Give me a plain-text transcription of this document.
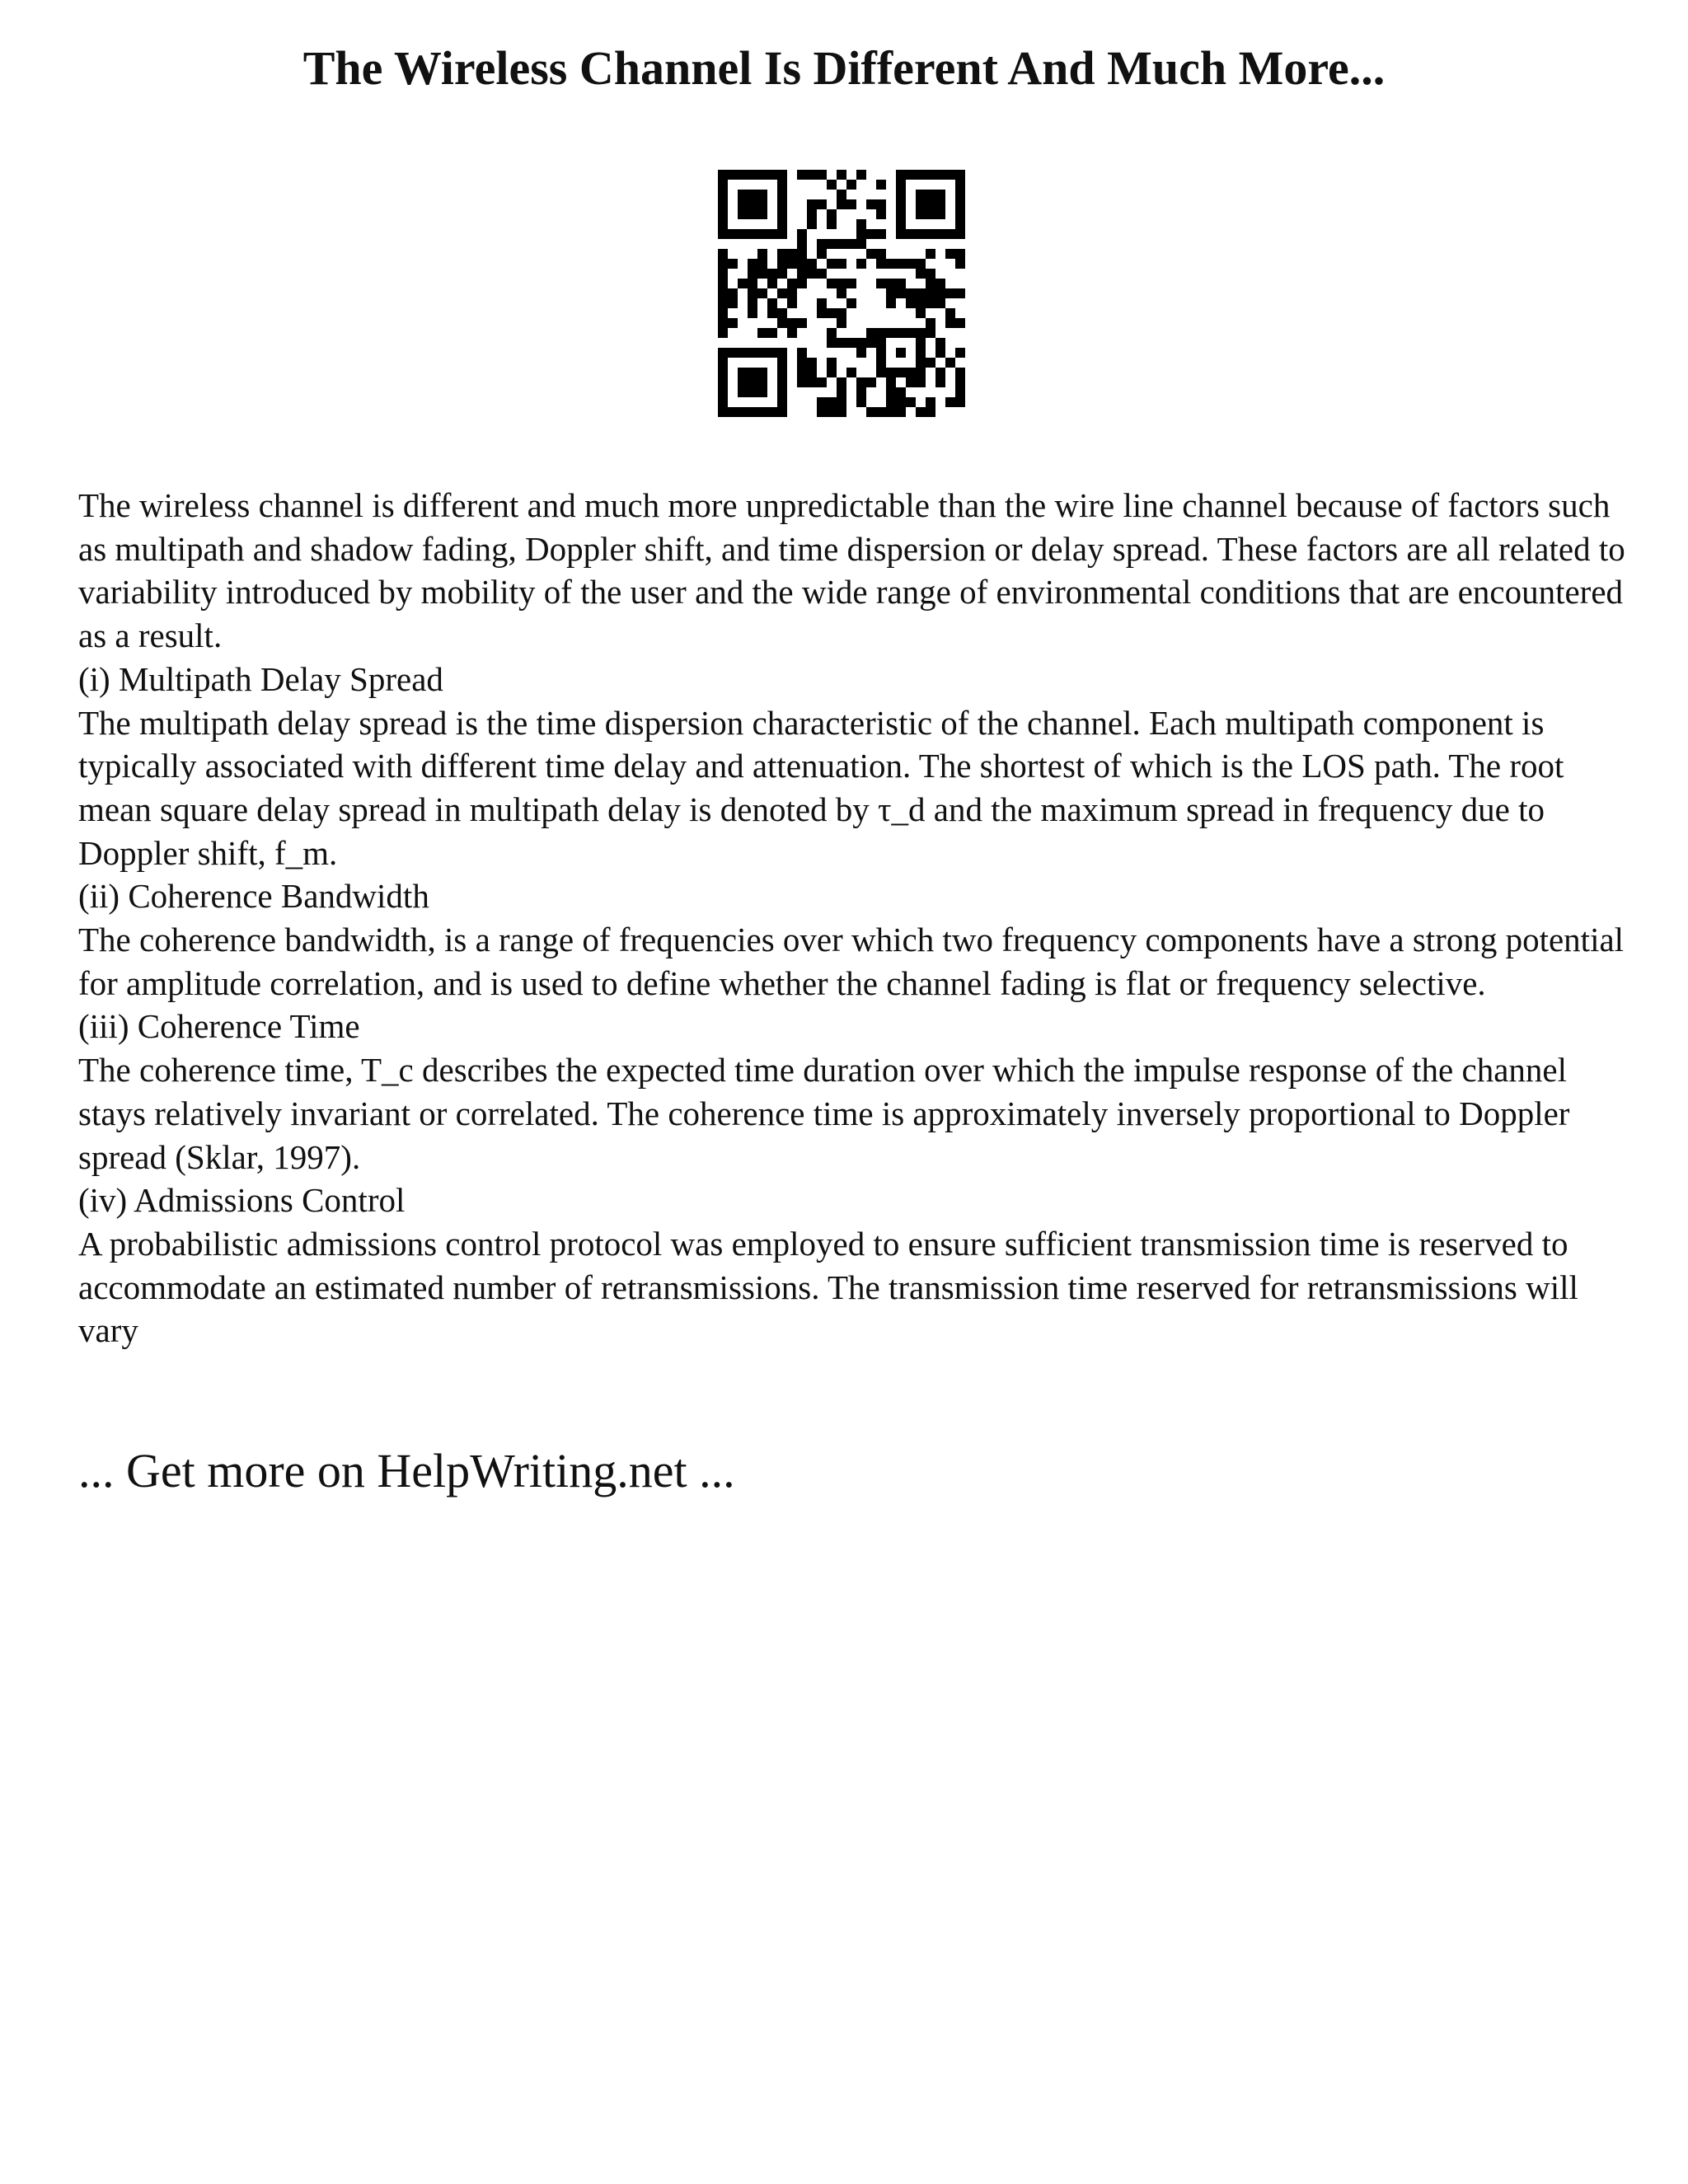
The Wireless Channel Is Different And Much More...

The wireless channel is different and much more unpredictable than the wire line channel because of factors such as multipath and shadow fading, Doppler shift, and time dispersion or delay spread. These factors are all related to variability introduced by mobility of the user and the wide range of environmental conditions that are encountered as a result.

(i) Multipath Delay Spread

The multipath delay spread is the time dispersion characteristic of the channel. Each multipath component is typically associated with different time delay and attenuation. The shortest of which is the LOS path. The root mean square delay spread in multipath delay is denoted by τ_d and the maximum spread in frequency due to Doppler shift, f_m.

(ii) Coherence Bandwidth

The coherence bandwidth, is a range of frequencies over which two frequency components have a strong potential for amplitude correlation, and is used to define whether the channel fading is flat or frequency selective.

(iii) Coherence Time

The coherence time, T_c describes the expected time duration over which the impulse response of the channel stays relatively invariant or correlated. The coherence time is approximately inversely proportional to Doppler spread (Sklar, 1997).

(iv) Admissions Control

A probabilistic admissions control protocol was employed to ensure sufficient transmission time is reserved to accommodate an estimated number of retransmissions. The transmission time reserved for retransmissions will vary

... Get more on HelpWriting.net ...
